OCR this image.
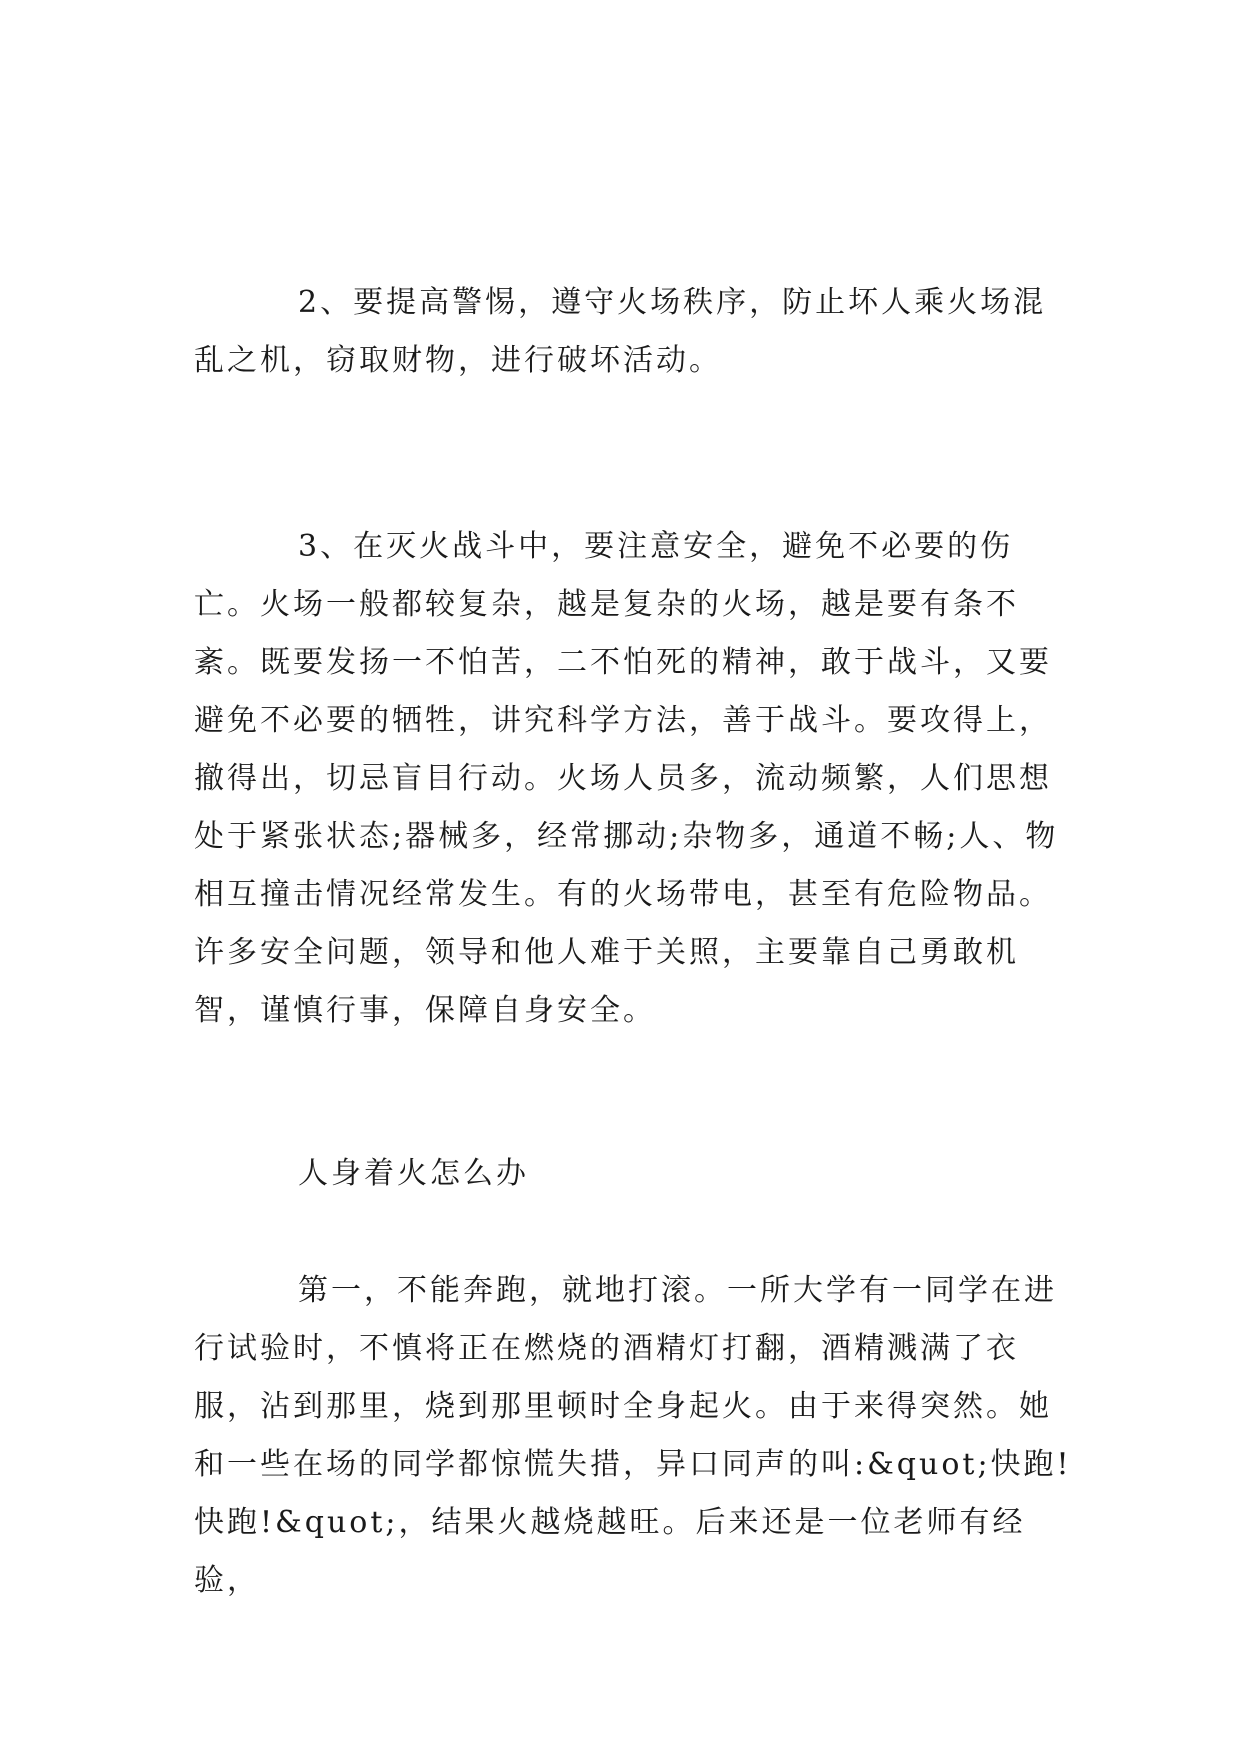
2、要提高警惕，遵守火场秩序，防止坏人乘火场混乱之机，窃取财物，进行破坏活动。

3、在灭火战斗中，要注意安全，避免不必要的伤亡。火场一般都较复杂，越是复杂的火场，越是要有条不紊。既要发扬一不怕苦，二不怕死的精神，敢于战斗，又要避免不必要的牺牲，讲究科学方法，善于战斗。要攻得上，撤得出，切忌盲目行动。火场人员多，流动频繁，人们思想处于紧张状态;器械多，经常挪动;杂物多，通道不畅;人、物相互撞击情况经常发生。有的火场带电，甚至有危险物品。许多安全问题，领导和他人难于关照，主要靠自己勇敢机智，谨慎行事，保障自身安全。

人身着火怎么办

第一，不能奔跑，就地打滚。一所大学有一同学在进行试验时，不慎将正在燃烧的酒精灯打翻，酒精溅满了衣服，沾到那里，烧到那里顿时全身起火。由于来得突然。她和一些在场的同学都惊慌失措，异口同声的叫:&quot;快跑!快跑!&quot;，结果火越烧越旺。后来还是一位老师有经验，
